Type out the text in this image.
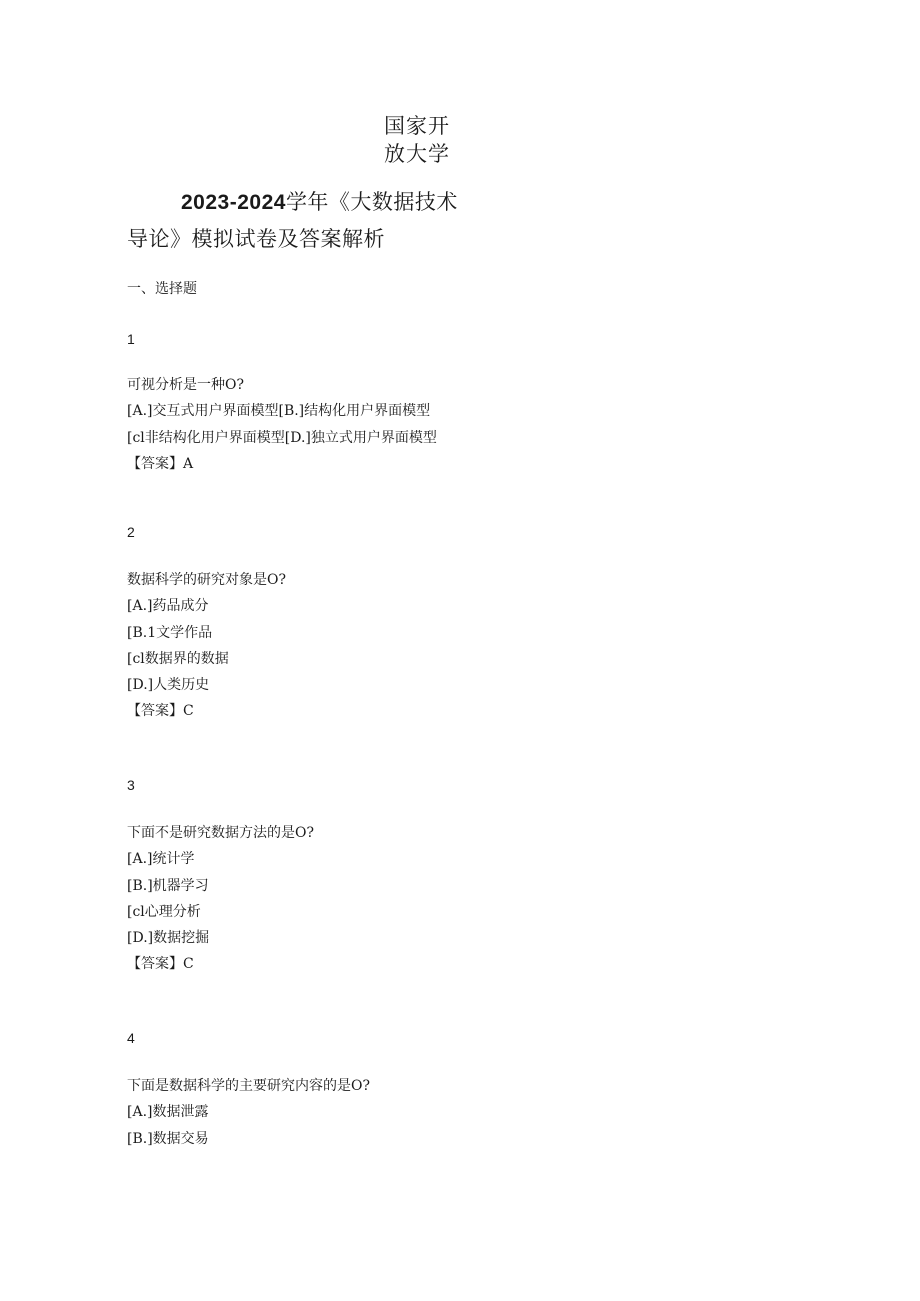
国家开
放大学
2023-2024学年《大数据技术
导论》模拟试卷及答案解析
一、选择题
1
可视分析是一种O?
[A.]交互式用户界面模型[B.]结构化用户界面模型
[cl非结构化用户界面模型[D.]独立式用户界面模型
【答案】A
2
数据科学的研究对象是O?
[A.]药品成分
[B.1文学作品
[cl数据界的数据
[D.]人类历史
【答案】C
3
下面不是研究数据方法的是O?
[A.]统计学
[B.]机器学习
[cl心理分析
[D.]数据挖掘
【答案】C
4
下面是数据科学的主要研究内容的是O?
[A.]数据泄露
[B.]数据交易
